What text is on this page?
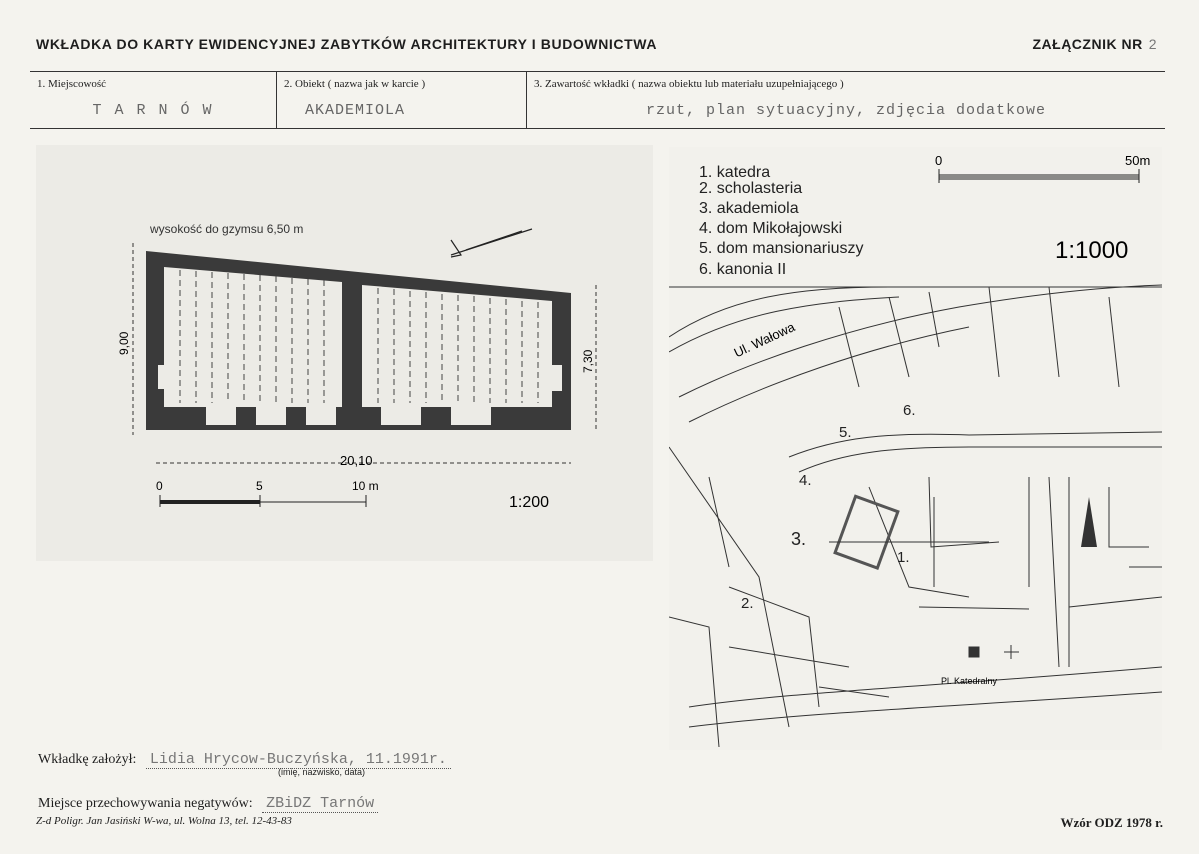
WKŁADKA DO KARTY EWIDENCYJNEJ ZABYTKÓW ARCHITEKTURY I BUDOWNICTWA	ZAŁĄCZNIK NR 2
1. Miejscowość
T A R N Ó W
2. Obiekt ( nazwa jak w karcie )
AKADEMIOLA
3. Zawartość wkładki ( nazwa obiektu lub materiału uzupełniającego )
rzut, plan sytuacyjny, zdjęcia dodatkowe
wysokość do gzymsu 6,50 m
9,00
7,30
20,10
0	5	10 m
1:200
1. katedra
2. scholasteria
3. akademiola
4. dom Mikołajowski
5. dom mansionariuszy
6. kanonia II
0	50m
1:1000
Ul. Wałowa
Pl. Katedralny
1.
2.
3.
4.
5.
6.
Wkładkę założył: Lidia Hrycow-Buczyńska, 11.1991r.
(imię, nazwisko, data)
Miejsce przechowywania negatywów: ZBiDZ Tarnów
Z-d Poligr. Jan Jasiński W-wa, ul. Wolna 13, tel. 12-43-83	Wzór ODZ 1978 r.
